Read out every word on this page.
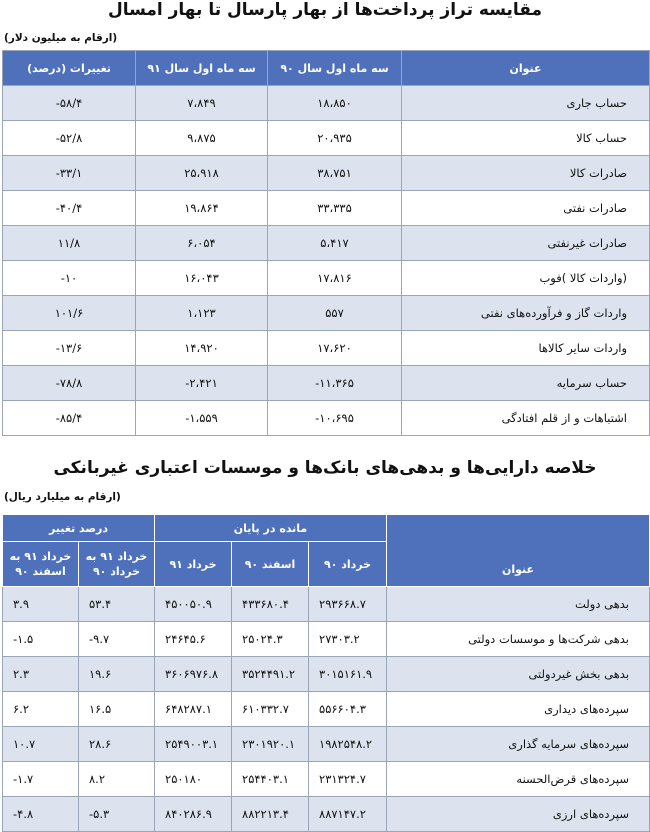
مقایسه تراز پرداخت‌ها از بهار پارسال تا بهار امسال
(ارقام به میلیون دلار)
تغییرات (درصد)	سه ماه اول سال ۹۱	سه ماه اول سال ۹۰	عنوان
-۵۸/۴	۷،۸۴۹	۱۸،۸۵۰	حساب جاری
-۵۲/۸	۹،۸۷۵	۲۰،۹۳۵	حساب کالا
-۳۳/۱	۲۵،۹۱۸	۳۸،۷۵۱	صادرات کالا
-۴۰/۴	۱۹،۸۶۴	۳۳،۳۳۵	صادرات نفتی
۱۱/۸	۶،۰۵۴	۵،۴۱۷	صادرات غیرنفتی
-۱۰	۱۶،۰۴۳	۱۷،۸۱۶	(واردات کالا )فوب
۱۰۱/۶	۱،۱۲۳	۵۵۷	واردات گاز و فرآورده‌های نفتی
-۱۳/۶	۱۴،۹۲۰	۱۷،۶۲۰	واردات سایر کالاها
-۷۸/۸	-۲،۴۲۱	-۱۱،۳۶۵	حساب سرمایه
-۸۵/۴	-۱،۵۵۹	-۱۰،۶۹۵	اشتباهات و از قلم افتادگی
خلاصه دارایی‌ها و بدهی‌های بانک‌ها و موسسات اعتباری غیربانکی
(ارقام به میلیارد ریال)
درصد تغییر		مانده در پایان			عنوان
خرداد ۹۱ به اسفند ۹۰	خرداد ۹۱ به خرداد ۹۰	خرداد ۹۱	اسفند ۹۰	خرداد ۹۰	
۳.۹	۵۳.۴	۴۵۰۰۵۰.۹	۴۳۳۶۸۰.۴	۲۹۳۶۶۸.۷	بدهی دولت
-۱.۵	-۹.۷	۲۴۶۴۵.۶	۲۵۰۲۴.۳	۲۷۳۰۳.۲	بدهی شرکت‌ها و موسسات دولتی
۲.۳	۱۹.۶	۳۶۰۶۹۷۶.۸	۳۵۲۴۴۹۱.۲	۳۰۱۵۱۶۱.۹	بدهی بخش غیردولتی
۶.۲	۱۶.۵	۶۴۸۲۸۷.۱	۶۱۰۳۳۲.۷	۵۵۶۶۰۴.۳	سپرده‌های دیداری
۱۰.۷	۲۸.۶	۲۵۴۹۰۰۳.۱	۲۳۰۱۹۲۰.۱	۱۹۸۲۵۴۸.۲	سپرده‌های سرمایه گذاری
-۱.۷	۸.۲	۲۵۰۱۸۰	۲۵۴۴۰۳.۱	۲۳۱۳۲۴.۷	سپرده‌های قرض‌الحسنه
-۴.۸	-۵.۳	۸۴۰۲۸۶.۹	۸۸۲۲۱۳.۴	۸۸۷۱۴۷.۲	سپرده‌های ارزی
